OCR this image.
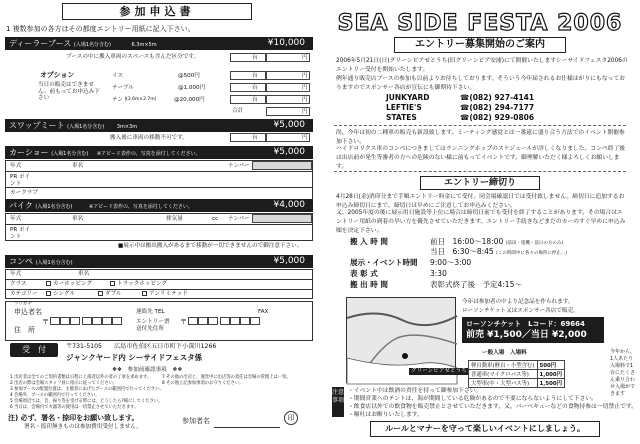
参加申込書
1 複数参加の各方はその都度エントリー用紙に記入下さい。
ディーラーブース (入場1名分含む)	6.3m×5m	¥10,000
ブースの中に搬入車両のスペースも含んだ区分です。	台	円
オプション
当日の販売はできません。前もってお申込み下さい
イス	@500円	台	円
テーブル	@1,000円	台	円
テント
(3.6m×2.7m)	@20,000円	台	円
合計	円
スワップミート (入場1名分含む)	3m×3m	¥5,000
搬入後に車両の移動不可です。	台	円
カーショー (入場1名分含む) ※アピード表作の、写真を添付してください。	¥5,000
年式	車名	ナンバー
PR ポイント
カークラブ
バイク (入場1名分含む)	※アピード表作の、写真を添付してください。	¥4,000
年式	車名	排気量	cc ナンバー
PR ポイント
■展示中は搬出搬入があるまで移動が一切できませんので御注意下さい。
コンペ (入場1名分含む)	¥5,000
年式	車名
クラス	カーホッピング	トラックホッピング
カテゴリー	シングル	ダブル	アンリミテッド
フリガナ
申込者名	連絡先 TEL	FAX
住　所
〒	エントリー票 送付先住所
〒
受　付	〒731-5105 広島市佐伯区五日市町下小深川1266
ジャンクヤード内 シーサイドフェスタ係
❖❖　参加前確認事項　❖❖
1 出店者は全てのご契約書類は日程に上部者以外の者の了承を求めます。
2 出店の際は会場スタッフ員に指示に従ってください。
3 参加ブースの配置位置は、主催者にあげたブースの範囲内で行ってください。
4 会場外、ブースの範囲内で行ってください。
5 会場周辺では、音、振り等を受ける際には、どうしたら?様にしてください。
6 当日は、会場内で火器等の使用は一切禁止させていただきます。
7 その他の出店と、運営中に出店等の責任は会場の管理上は一切。
8 その他上記参加事項のお守りください。
注) 必ず、署名・捺印をお願い致します。
署名・捺印無きものは参加費用受付しません。
参加者名	印
SEA SIDE FESTA 2006
エントリー募集開始のご案内
2006年5月21日(日)グリーンピアせとうち(旧グリーンピア安浦)にて開催いたしますシーサイドフェスタ2006のエントリー受付を開始いたします。
例年通り販売店ブースの参加も以前よりお待ちしております。そういう今年届されるお仕様はがりにもなっておりますのでスポンサー各店が宣伝にも御期待下さい。
JUNKYARD	☎(082) 927-4141
LEFTIE'S	☎(082) 294-7177
STATES	☎(082) 929-0806
尚、今年は初の二種車の販売も新設致します。ミーティング感覚とは一番遠に盛り合う方法でのイベント開催参加下さい。
ハイドロリクス車のコンペにつきましてはランニングホップのスケジュールが詳しくなりました。コンペ終了後は出店前が発生等審者の方への危険のない様に前もってイベントです。御理解いただく様よろしくお願いします。
エントリー締切り
4月28日(金)消印分まで手順エントリー料金にて受付。同会場確認日では受付致しません。締切日に追加するお申込み締切日にまで。締切日は早めにご注意してお申込みください。
又、2005年度の後に展示用日施設等上位に場合は締切日前でも受付を終了することがあります。その場合はエントリー用紙の到着の早い方を優先させていただきます。エントリー手続きなどまだのカーのすぐ早めに申込み順を決定下さい。
搬 入 時 間	前日　16:00～18:00 (前田・電機・前日の方のみ)
当日　6:30～8:45 (この時間中に各々の場所に停止…)
展示・イベント時間 9:00～3:00
表 彰 式	3:30
搬 出 時 間	表彰式終了後　予定4:15～
グリーンピアせとうち
今年は参加者の中より記念品を作られます。
ローソンチケット又はスポンサー各店で販売。
ローソンチケット　 Lコード：69664
前売 ¥1,500／当日 ¥2,000
ー般入場　入場料
軽自動車(軽自・小型含む)	500円
普通車(マイクロバス等)	1,000円
大型車(中・大型バス等)	1,500円
今年から、1人あたり入場料で1台にたくさん乗り合わせ入場ができます
注意事項
・イベント中は飲酒の責任を持って御参加下さい。
・期間営業へのテントは、海が期間している危険があるので不要にならないようにして下さい。
・飲食店以外での飲食物を販売禁止とさせていただきます。又、バーベキューなどの食物持参は一切禁止です。
・嘔吐はお断りいたします。
ルールとマナーを守って楽しいイベントにしましょう。
